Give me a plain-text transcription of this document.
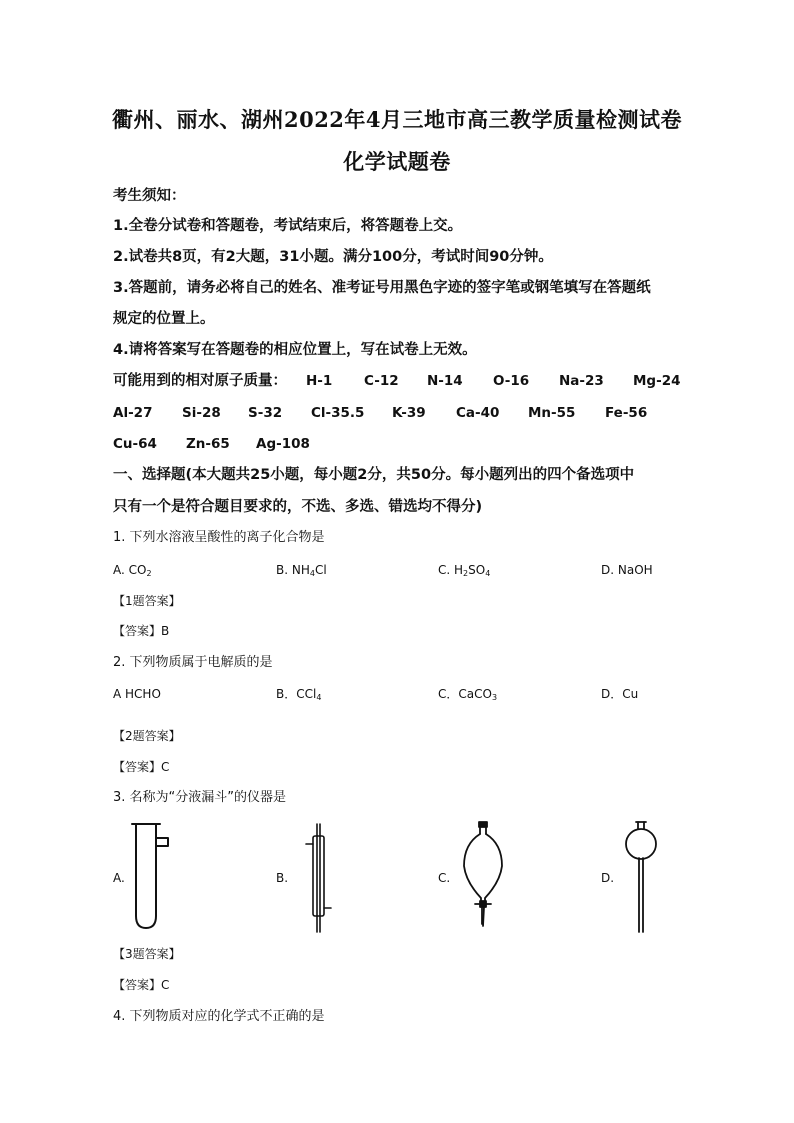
衢州、丽水、湖州2022年4月三地市高三教学质量检测试卷
化学试题卷
考生须知：
1.全卷分试卷和答题卷，考试结束后，将答题卷上交。
2.试卷共8页，有2大题，31小题。满分100分，考试时间90分钟。
3.答题前，请务必将自己的姓名、准考证号用黑色字迹的签字笔或钢笔填写在答题纸
规定的位置上。
4.请将答案写在答题卷的相应位置上，写在试卷上无效。
可能用到的相对原子质量： H-1 C-12 N-14 O-16 Na-23 Mg-24
Al-27 Si-28 S-32 Cl-35.5 K-39 Ca-40 Mn-55 Fe-56
Cu-64 Zn-65 Ag-108
一、选择题(本大题共25小题，每小题2分，共50分。每小题列出的四个备选项中
只有一个是符合题目要求的，不选、多选、错选均不得分)
1. 下列水溶液呈酸性的离子化合物是
A. $CO_2$	B. $NH_4Cl$	C. $H_2SO_4$	D. NaOH
【1题答案】
【答案】B
2. 下列物质属于电解质的是
A HCHO	B．CCl$_4$	C．CaCO$_3$	D．Cu
【2题答案】
【答案】C
3. 名称为“分液漏斗”的仪器是
A.	B.	C.	D.
【3题答案】
【答案】C
4. 下列物质对应的化学式不正确的是
